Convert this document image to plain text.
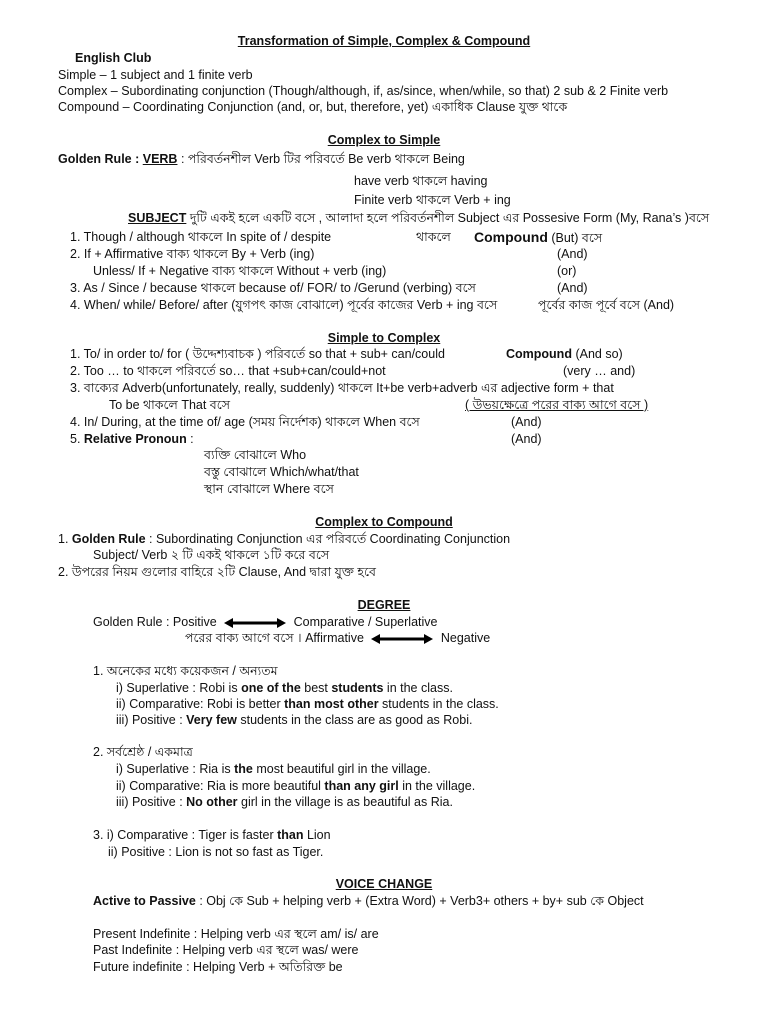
Transformation of Simple, Complex & Compound
English Club
Simple – 1 subject and 1 finite verb
Complex – Subordinating conjunction (Though/although, if, as/since, when/while, so that) 2 sub & 2 Finite verb
Compound – Coordinating Conjunction (and, or, but, therefore, yet) একাধিক Clause যুক্ত থাকে
Complex to Simple
Golden Rule : VERB : পরিবর্তনশীল Verb টির পরিবর্তে Be verb থাকলে Being
have verb থাকলে having
Finite verb থাকলে Verb + ing
SUBJECT দুটি একই হলে একটি বসে , আলাদা হলে পরিবর্তনশীল Subject এর Possesive Form (My, Rana’s )বসে
1. Though / although থাকলে In spite of / despite	থাকলে Compound (But) বসে
2. If + Affirmative বাক্য থাকলে By + Verb (ing)	(And)
Unless/ If + Negative বাক্য থাকলে Without + verb (ing)	(or)
3. As / Since / because থাকলে because of/ FOR/ to /Gerund (verbing) বসে	(And)
4. When/ while/ Before/ after (যুগপৎ কাজ বোঝালে) পূর্বের কাজের Verb + ing বসে	পূর্বের কাজ পূর্বে বসে (And)
Simple to Complex
1. To/ in order to/ for ( উদ্দেশ্যবাচক ) পরিবর্তে so that + sub+ can/could	Compound (And so)
2. Too … to থাকলে পরিবর্তে so… that +sub+can/could+not	(very … and)
3. বাক্যের Adverb(unfortunately, really, suddenly) থাকলে It+be verb+adverb এর adjective form + that
To be থাকলে That বসে	( উভয়ক্ষেত্রে পরের বাক্য আগে বসে )
4. In/ During, at the time of/ age (সময় নির্দেশক) থাকলে When বসে	(And)
5. Relative Pronoun :	(And)
ব্যক্তি বোঝালে Who
বস্তু বোঝালে Which/what/that
স্থান বোঝালে Where বসে
Complex to Compound
1. Golden Rule : Subordinating Conjunction এর পরিবর্তে Coordinating Conjunction
Subject/ Verb ২ টি একই থাকলে ১টি করে বসে
2. উপরের নিয়ম গুলোর বাহিরে ২টি Clause, And দ্বারা যুক্ত হবে
DEGREE
Golden Rule : Positive	Comparative / Superlative
পরের বাক্য আগে বসে । Affirmative	Negative
1. অনেকের মধ্যে কয়েকজন / অন্যতম
i) Superlative : Robi is one of the best students in the class.
ii) Comparative: Robi is better than most other students in the class.
iii) Positive : Very few students in the class are as good as Robi.
2. সর্বশ্রেষ্ঠ / একমাত্র
i) Superlative : Ria is the most beautiful girl in the village.
ii) Comparative: Ria is more beautiful than any girl in the village.
iii) Positive : No other girl in the village is as beautiful as Ria.
3. i) Comparative : Tiger is faster than Lion
ii) Positive : Lion is not so fast as Tiger.
VOICE CHANGE
Active to Passive : Obj কে Sub + helping verb + (Extra Word) + Verb3+ others + by+ sub কে Object
Present Indefinite : Helping verb এর স্থলে am/ is/ are
Past Indefinite : Helping verb এর স্থলে was/ were
Future indefinite : Helping Verb + অতিরিক্ত be
